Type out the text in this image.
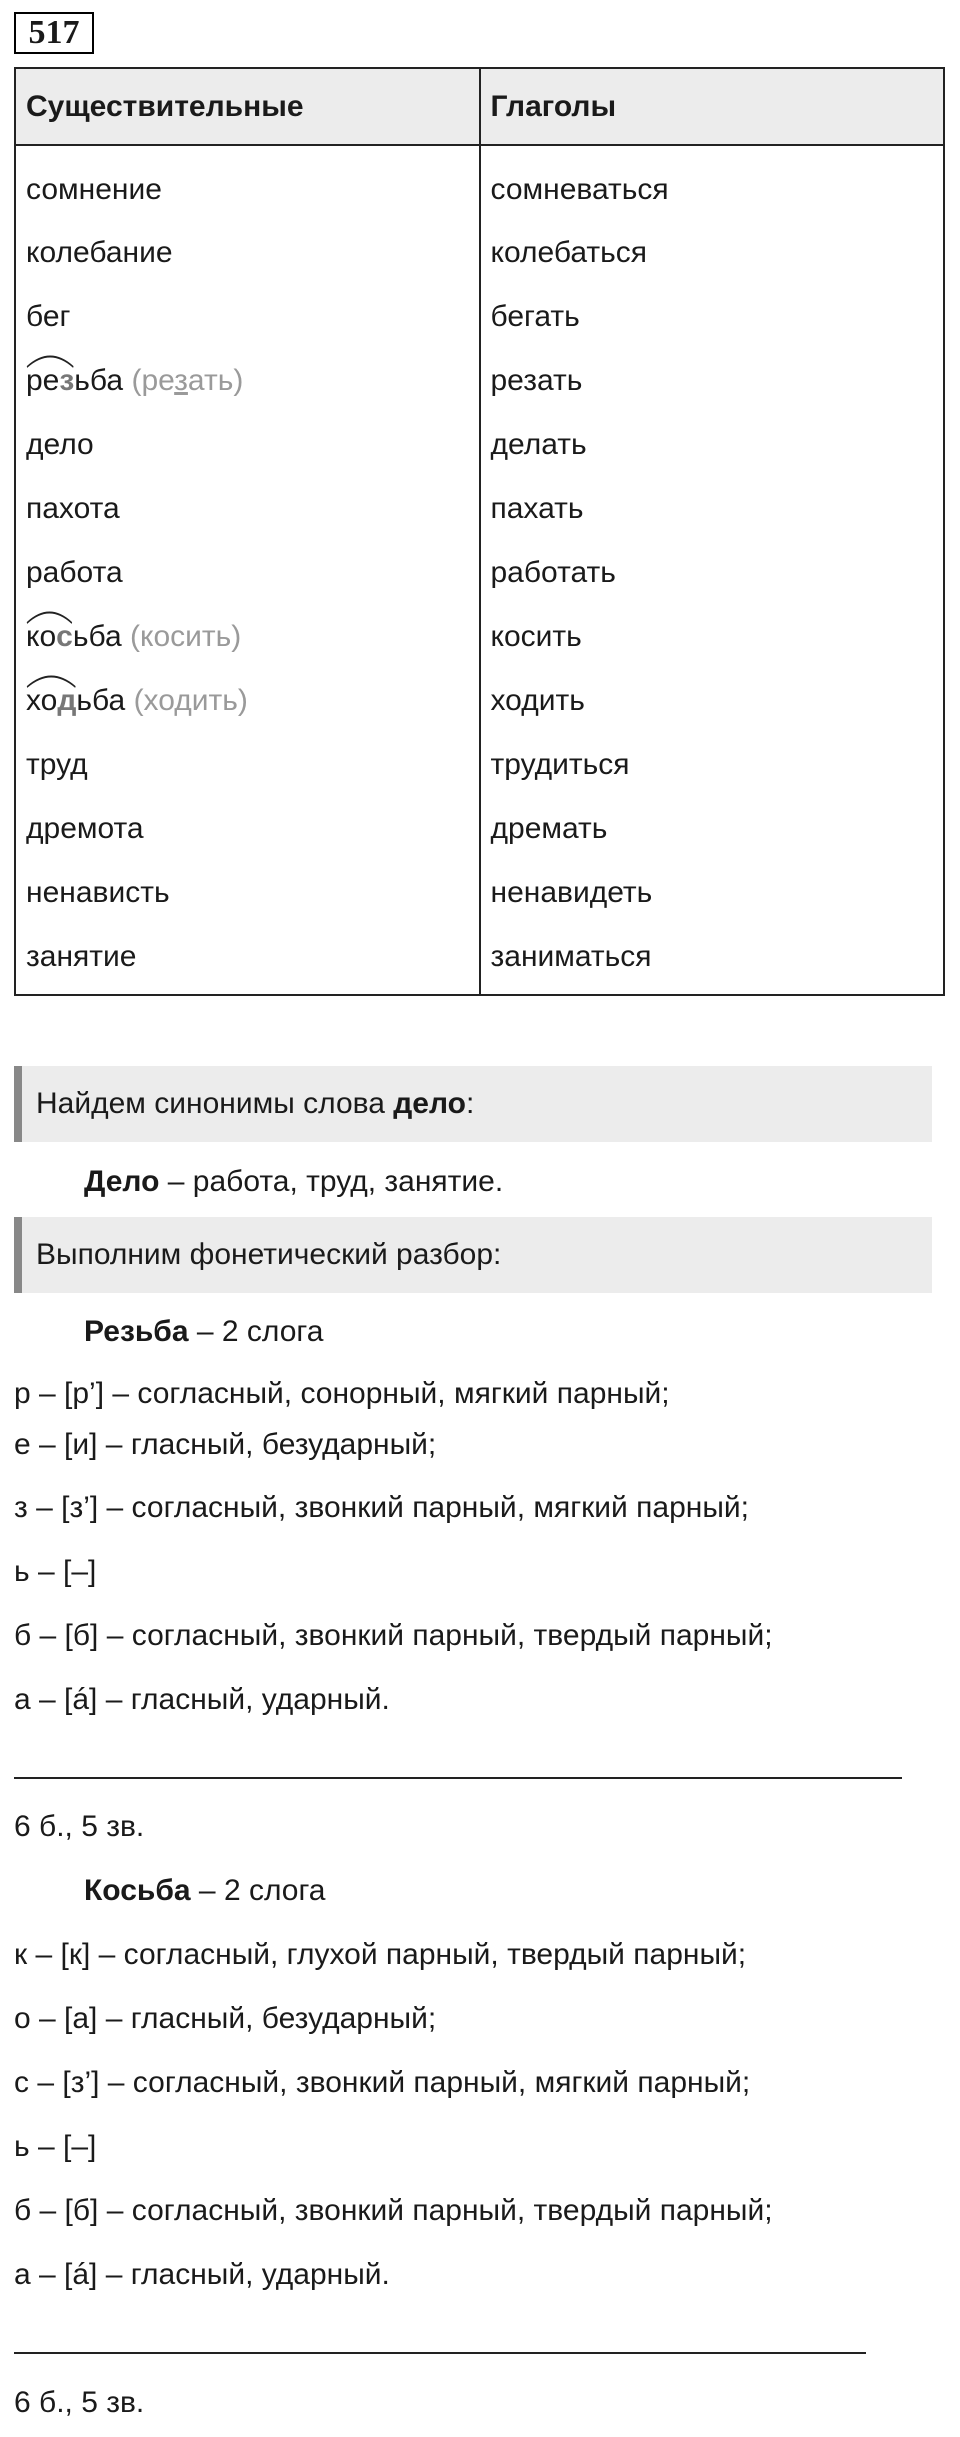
517
Существительные	Глаголы
сомнение	сомневаться
колебание	колебаться
бег	бегать

резьба (резать)	резать
дело	делать
пахота	пахать
работа	работать

косьба (косить)	косить

ходьба (ходить)	ходить
труд	трудиться
дремота	дремать
ненависть	ненавидеть
занятие	заниматься
Найдем синонимы слова дело:
Дело – работа, труд, занятие.
Выполним фонетический разбор:
Резьба – 2 слога
р – [р’] – согласный, сонорный, мягкий парный;
е – [и] – гласный, безударный;
з – [з’] – согласный, звонкий парный, мягкий парный;
ь – [–]
б – [б] – согласный, звонкий парный, твердый парный;
а – [á] – гласный, ударный.
6 б., 5 зв.
Косьба – 2 слога
к – [к] – согласный, глухой парный, твердый парный;
о – [а] – гласный, безударный;
с – [з’] – согласный, звонкий парный, мягкий парный;
ь – [–]
б – [б] – согласный, звонкий парный, твердый парный;
а – [á] – гласный, ударный.
6 б., 5 зв.
